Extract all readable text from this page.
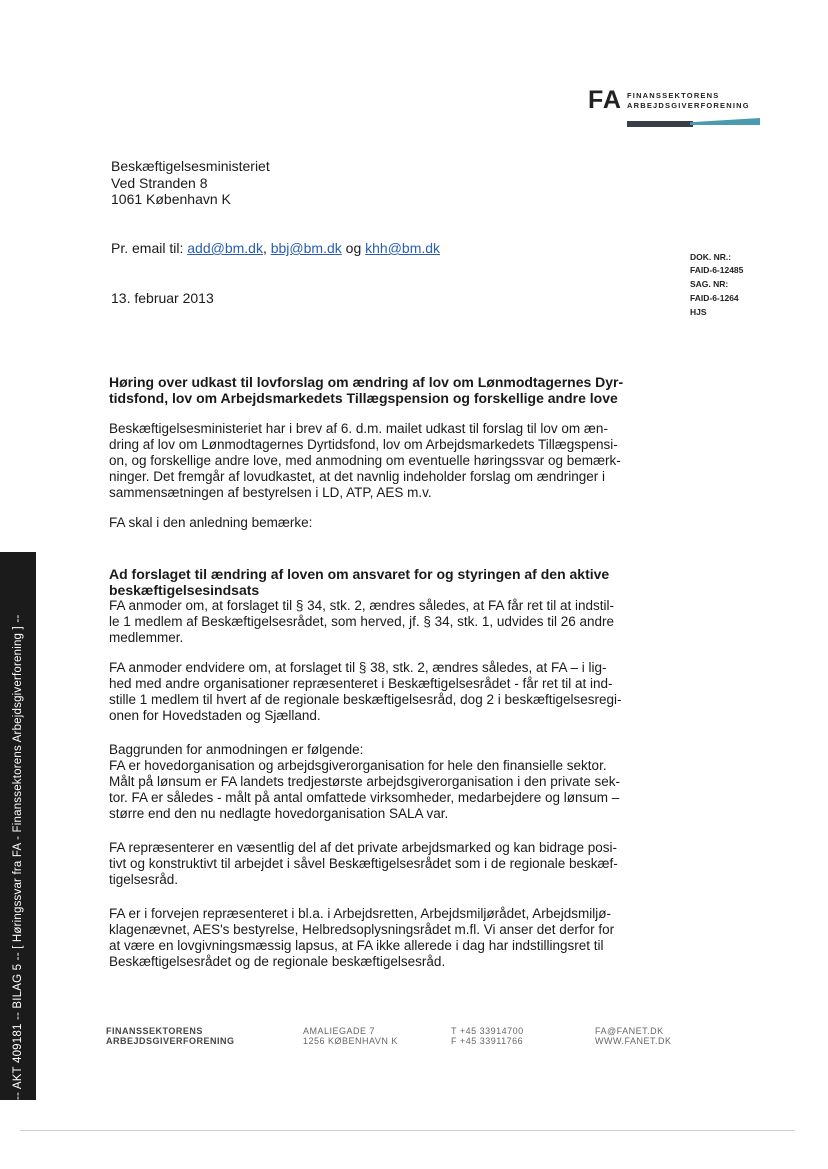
FA FINANSSEKTORENS
ARBEJDSGIVERFORENING
Beskæftigelsesministeriet
Ved Stranden 8
1061 København K
Pr. email til: add@bm.dk, bbj@bm.dk og khh@bm.dk
DOK. NR.:
FAID-6-12485
SAG. NR:
FAID-6-1264
HJS
13. februar 2013
Høring over udkast til lovforslag om ændring af lov om Lønmodtagernes Dyr-
tidsfond, lov om Arbejdsmarkedets Tillægspension og forskellige andre love
Beskæftigelsesministeriet har i brev af 6. d.m. mailet udkast til forslag til lov om æn-
dring af lov om Lønmodtagernes Dyrtidsfond, lov om Arbejdsmarkedets Tillægspensi-
on, og forskellige andre love, med anmodning om eventuelle høringssvar og bemærk-
ninger. Det fremgår af lovudkastet, at det navnlig indeholder forslag om ændringer i
sammensætningen af bestyrelsen i LD, ATP, AES m.v.
FA skal i den anledning bemærke:
Ad forslaget til ændring af loven om ansvaret for og styringen af den aktive
beskæftigelsesindsats
FA anmoder om, at forslaget til § 34, stk. 2, ændres således, at FA får ret til at indstil-
le 1 medlem af Beskæftigelsesrådet, som herved, jf. § 34, stk. 1, udvides til 26 andre
medlemmer.
FA anmoder endvidere om, at forslaget til § 38, stk. 2, ændres således, at FA – i lig-
hed med andre organisationer repræsenteret i Beskæftigelsesrådet - får ret til at ind-
stille 1 medlem til hvert af de regionale beskæftigelsesråd, dog 2 i beskæftigelsesregi-
onen for Hovedstaden og Sjælland.
Baggrunden for anmodningen er følgende:
FA er hovedorganisation og arbejdsgiverorganisation for hele den finansielle sektor.
Målt på lønsum er FA landets tredjestørste arbejdsgiverorganisation i den private sek-
tor. FA er således - målt på antal omfattede virksomheder, medarbejdere og lønsum –
større end den nu nedlagte hovedorganisation SALA var.
FA repræsenterer en væsentlig del af det private arbejdsmarked og kan bidrage posi-
tivt og konstruktivt til arbejdet i såvel Beskæftigelsesrådet som i de regionale beskæf-
tigelsesråd.
FA er i forvejen repræsenteret i bl.a. i Arbejdsretten, Arbejdsmiljørådet, Arbejdsmiljø-
klagenævnet, AES's bestyrelse, Helbredsoplysningsrådet m.fl. Vi anser det derfor for
at være en lovgivningsmæssig lapsus, at FA ikke allerede i dag har indstillingsret til
Beskæftigelsesrådet og de regionale beskæftigelsesråd.
FINANSSEKTORENS
ARBEJDSGIVERFORENING
AMALIEGADE 7
1256 KØBENHAVN K
T +45 33914700
F +45 33911766
FA@FANET.DK
WWW.FANET.DK
-- AKT 409181 -- BILAG 5 -- [ Høringssvar fra FA - Finanssektorens Arbejdsgiverforening ] --
